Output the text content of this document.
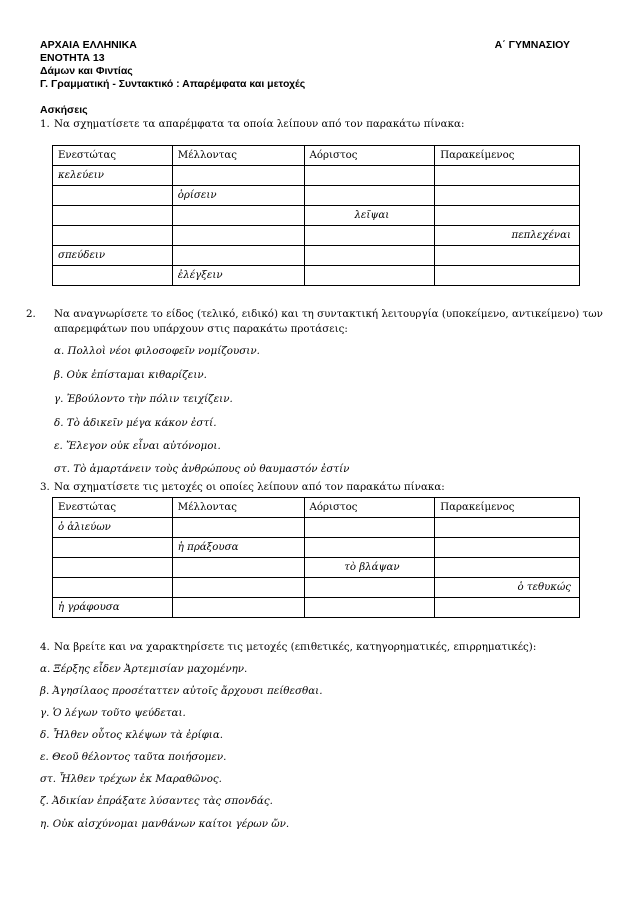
ΑΡΧΑΙΑ ΕΛΛΗΝΙΚΑ	Α΄ ΓΥΜΝΑΣΙΟΥ
ΕΝΟΤΗΤΑ 13
Δάμων και Φιντίας
Γ. Γραμματική - Συντακτικό : Απαρέμφατα και μετοχές
Ασκήσεις
1. Να σχηματίσετε τα απαρέμφατα τα οποία λείπουν από τον παρακάτω πίνακα:
Ενεστώτας	Μέλλοντας	Αόριστος	Παρακείμενος
κελεύειν			
	ὁρίσειν		
		λεῖψαι	
			πεπλεχέναι
σπεύδειν			
	ἐλέγξειν		
2. Να αναγνωρίσετε το είδος (τελικό, ειδικό) και τη συντακτική λειτουργία (υποκείμενο, αντικείμενο) των απαρεμφάτων που υπάρχουν στις παρακάτω προτάσεις:
α. Πολλοὶ νέοι φιλοσοφεῖν νομίζουσιν.
β. Οὐκ ἐπίσταμαι κιθαρίζειν.
γ. Ἐβούλοντο τὴν πόλιν τειχίζειν.
δ. Τὸ ἀδικεῖν μέγα κάκον ἐστί.
ε. Ἔλεγον οὐκ εἶναι αὐτόνομοι.
στ. Τὸ ἁμαρτάνειν τοὺς ἀνθρώπους οὐ θαυμαστόν ἐστίν
3. Να σχηματίσετε τις μετοχές οι οποίες λείπουν από τον παρακάτω πίνακα:
Ενεστώτας	Μέλλοντας	Αόριστος	Παρακείμενος
ὁ ἁλιεύων			
	ἡ πράξουσα		
		τὸ βλάψαν	
			ὁ τεθυκώς
ἡ γράφουσα			
4. Να βρείτε και να χαρακτηρίσετε τις μετοχές (επιθετικές, κατηγορηματικές, επιρρηματικές):
α. Ξέρξης εἶδεν Ἀρτεμισίαν μαχομένην.
β. Ἀγησίλαος προσέταττεν αὐτοῖς ἄρχουσι πείθεσθαι.
γ. Ὁ λέγων τοῦτο ψεύδεται.
δ. Ἦλθεν οὗτος κλέψων τὰ ἐρίφια.
ε. Θεοῦ θέλοντος ταῦτα ποιήσομεν.
στ. Ἦλθεν τρέχων ἐκ Μαραθῶνος.
ζ. Ἀδικίαν ἐπράξατε λύσαντες τὰς σπονδάς.
η. Οὐκ αἰσχύνομαι μανθάνων καίτοι γέρων ὤν.
